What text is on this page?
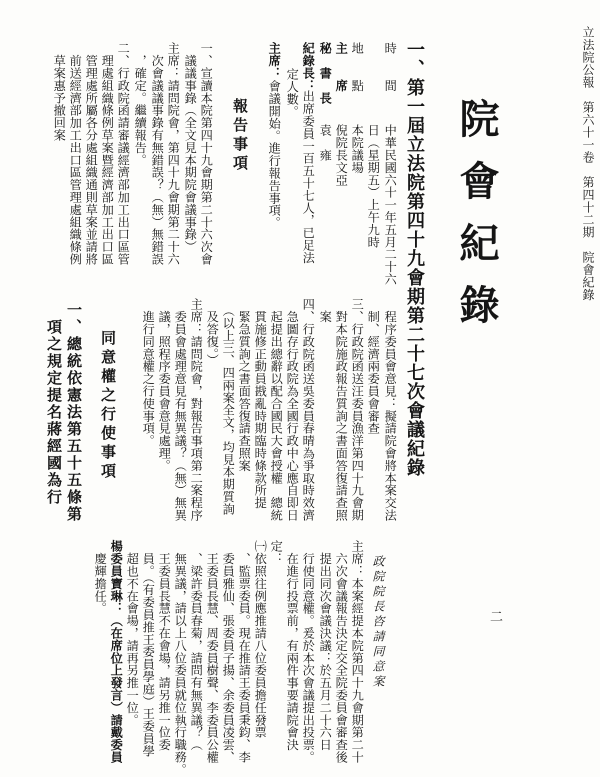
立法院公報　第六十一卷　第四十二期　院會紀錄
二
院會紀錄
一、第一屆立法院第四十九會期第二十七次會議紀錄
時　　間
中華民國六十一年五月二十六
日（星期五）上午九時
地　　點
本院議場
主　　席
倪院長文亞
秘　書　長
袁　雍
紀錄長：
出席委員一百五十七人，已足法
定人數。
主席：
會議開始。進行報告事項。
報告事項
一、宣讀本院第四十九會期第二十六次會
　議議事錄（全文見本期院會議事錄）
主席：請問院會，第四十九會期第二十六
　次會議議事錄有無錯誤？（無）無錯誤
　，確定。繼續報告。
二、行政院函請審議經濟部加工出口區管
　理處組織條例草案暨經濟部加工出口區
　管理處所屬各分處組織通則草案並請將
　前送經濟部加工出口區管理處組織條例
　草案惠予撤回案
　程序委員會意見：擬請院會將本案交法
　制、經濟兩委員會審查
三、行政院函送汪委員漁洋第四十九會期
　對本院施政報告質詢之書面答復請查照
　案
四、行政院函送吳委員春晴為爭取時效濟
　急圖存行政院為全國行政中心應自即日
　起提出總辭以配合國民大會授權　總統
　貫施修正動員戡亂時期臨時條款所提
　緊急質詢之書面答復請查照案
　（以上三、四兩案全文，均見本期質詢
　及答復。）
主席：請問院會，對報告事項第二案程序
　委員會處理意見有無異議？（無）無異
　議，照程序委員會意見處理。
　進行同意權之行使事項。
同意權之行使事項
一、總統依憲法第五十五條第
　項之規定提名蔣經國為行
政院院長咨請同意案
主席：本案經提本院第四十九會期第二十
　六次會議報告決定交全院委員會審查後
　提出同次會議決議：於五月二十六日
　行使同意權。爰於本次會議提出投票。
　在進行投票前，有兩件事要請院會決
定：
㈠依照往例應推請八位委員擔任發票
　、監票委員。現在推請王委員秉鈞、李
　委員雅仙、張委員子揚、余委員凌雲、
　王委員長慧、周委員樹聲、李委員公權
　、梁許委員春菊，請問有無異議？（
　無異議，請以上八位委員就位執行職務。
　王委員長慧不在會場，請另推一位委
　員。（有委員推王委員學庭）王委員學
　超也不在會場，請再另推一位。
楊委員寶琳：（在席位上發言）請戴委員
　慶輝擔任。
